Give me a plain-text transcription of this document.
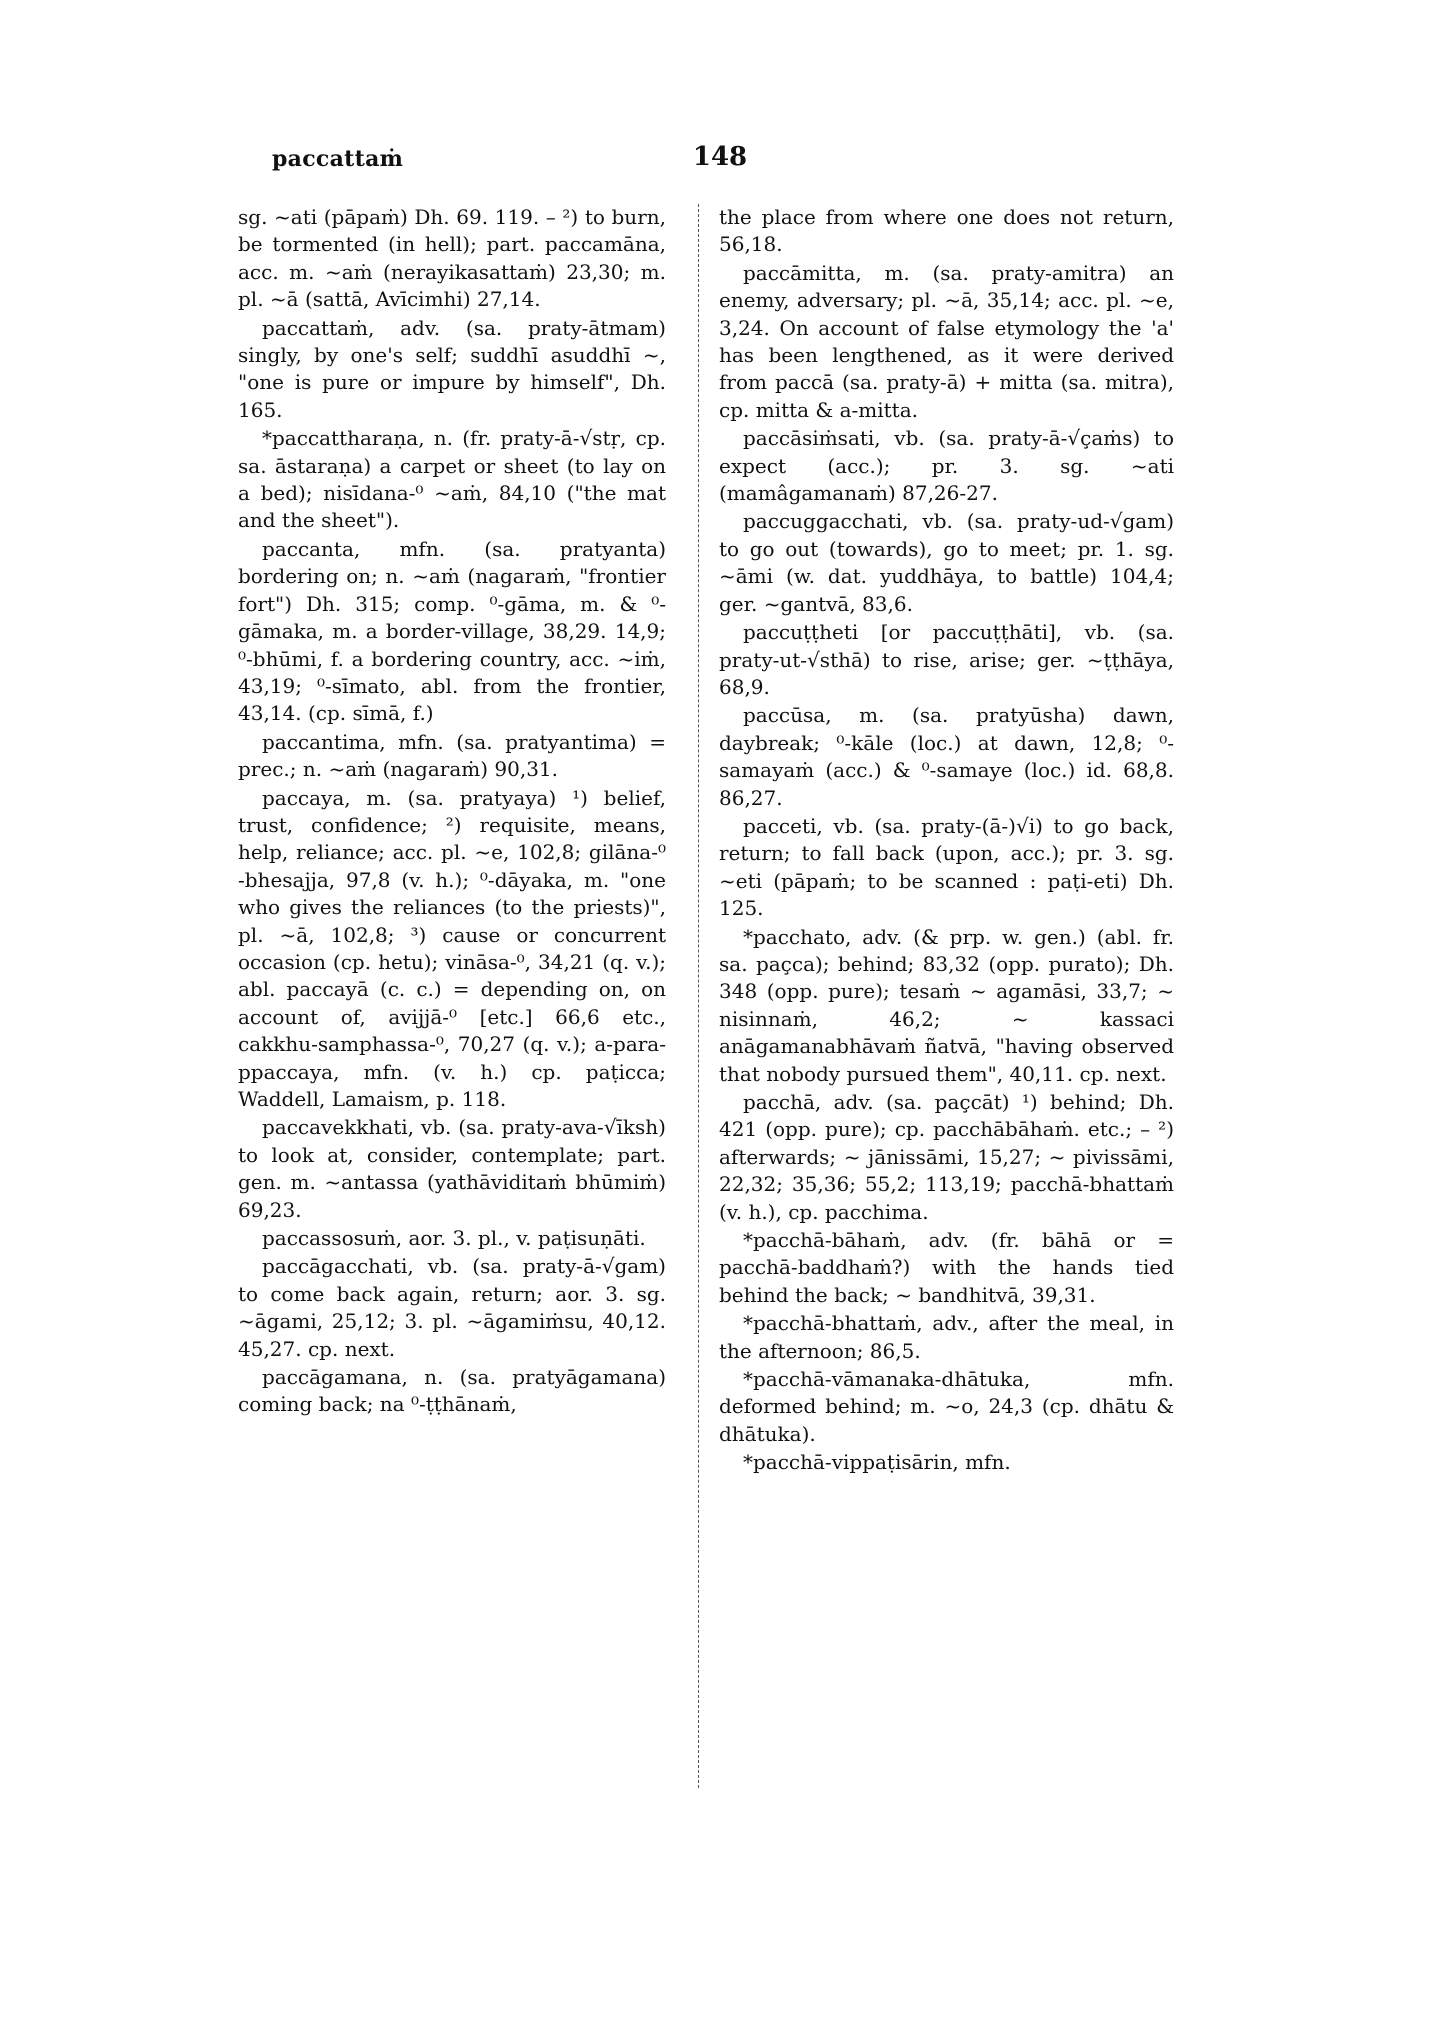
paccattaṁ	148

sg. ~ati (pāpaṁ) Dh. 69. 119. – ²) to burn, be tormented (in hell); part. paccamāna, acc. m. ~aṁ (nerayikasattaṁ) 23,30; m. pl. ~ā (sattā, Avīcimhi) 27,14.

paccattaṁ, adv. (sa. praty-ātmam) singly, by one's self; suddhī asuddhī ~, "one is pure or impure by himself", Dh. 165.

*paccattharaṇa, n. (fr. praty-ā-√stṛ, cp. sa. āstaraṇa) a carpet or sheet (to lay on a bed); nisīdana-⁰ ~aṁ, 84,10 ("the mat and the sheet").

paccanta, mfn. (sa. pratyanta) bordering on; n. ~aṁ (nagaraṁ, "frontier fort") Dh. 315; comp. ⁰-gāma, m. & ⁰-gāmaka, m. a border-village, 38,29. 14,9; ⁰-bhūmi, f. a bordering country, acc. ~iṁ, 43,19; ⁰-sīmato, abl. from the frontier, 43,14. (cp. sīmā, f.)

paccantima, mfn. (sa. pratyantima) = prec.; n. ~aṁ (nagaraṁ) 90,31.

paccaya, m. (sa. pratyaya) ¹) belief, trust, confidence; ²) requisite, means, help, reliance; acc. pl. ~e, 102,8; gilāna-⁰ -bhesajja, 97,8 (v. h.); ⁰-dāyaka, m. "one who gives the reliances (to the priests)", pl. ~ā, 102,8; ³) cause or concurrent occasion (cp. hetu); vināsa-⁰, 34,21 (q. v.); abl. paccayā (c. c.) = depending on, on account of, avijjā-⁰ [etc.] 66,6 etc., cakkhu-samphassa-⁰, 70,27 (q. v.); a-para-ppaccaya, mfn. (v. h.) cp. paṭicca; Waddell, Lamaism, p. 118.

paccavekkhati, vb. (sa. praty-ava-√īksh) to look at, consider, contemplate; part. gen. m. ~antassa (yathāviditaṁ bhūmiṁ) 69,23.

paccassosuṁ, aor. 3. pl., v. paṭisuṇāti.

paccāgacchati, vb. (sa. praty-ā-√gam) to come back again, return; aor. 3. sg. ~āgami, 25,12; 3. pl. ~āgamiṁsu, 40,12. 45,27. cp. next.

paccāgamana, n. (sa. pratyāgamana) coming back; na ⁰-ṭṭhānaṁ,

the place from where one does not return, 56,18.

paccāmitta, m. (sa. praty-amitra) an enemy, adversary; pl. ~ā, 35,14; acc. pl. ~e, 3,24. On account of false etymology the 'a' has been lengthened, as it were derived from paccā (sa. praty-ā) + mitta (sa. mitra), cp. mitta & a-mitta.

paccāsiṁsati, vb. (sa. praty-ā-√çaṁs) to expect (acc.); pr. 3. sg. ~ati (mamâgamanaṁ) 87,26-27.

paccuggacchati, vb. (sa. praty-ud-√gam) to go out (towards), go to meet; pr. 1. sg. ~āmi (w. dat. yuddhāya, to battle) 104,4; ger. ~gantvā, 83,6.

paccuṭṭheti [or paccuṭṭhāti], vb. (sa. praty-ut-√sthā) to rise, arise; ger. ~ṭṭhāya, 68,9.

paccūsa, m. (sa. pratyūsha) dawn, daybreak; ⁰-kāle (loc.) at dawn, 12,8; ⁰-samayaṁ (acc.) & ⁰-samaye (loc.) id. 68,8. 86,27.

pacceti, vb. (sa. praty-(ā-)√i) to go back, return; to fall back (upon, acc.); pr. 3. sg. ~eti (pāpaṁ; to be scanned : paṭi-eti) Dh. 125.

*pacchato, adv. (& prp. w. gen.) (abl. fr. sa. paçca); behind; 83,32 (opp. purato); Dh. 348 (opp. pure); tesaṁ ~ agamāsi, 33,7; ~ nisinnaṁ, 46,2; ~ kassaci anāgamanabhāvaṁ ñatvā, "having observed that nobody pursued them", 40,11. cp. next.

pacchā, adv. (sa. paçcāt) ¹) behind; Dh. 421 (opp. pure); cp. pacchābāhaṁ. etc.; – ²) afterwards; ~ jānissāmi, 15,27; ~ pivissāmi, 22,32; 35,36; 55,2; 113,19; pacchā-bhattaṁ (v. h.), cp. pacchima.

*pacchā-bāhaṁ, adv. (fr. bāhā or = pacchā-baddhaṁ?) with the hands tied behind the back; ~ bandhitvā, 39,31.

*pacchā-bhattaṁ, adv., after the meal, in the afternoon; 86,5.

*pacchā-vāmanaka-dhātuka, mfn. deformed behind; m. ~o, 24,3 (cp. dhātu & dhātuka).

*pacchā-vippaṭisārin, mfn.
